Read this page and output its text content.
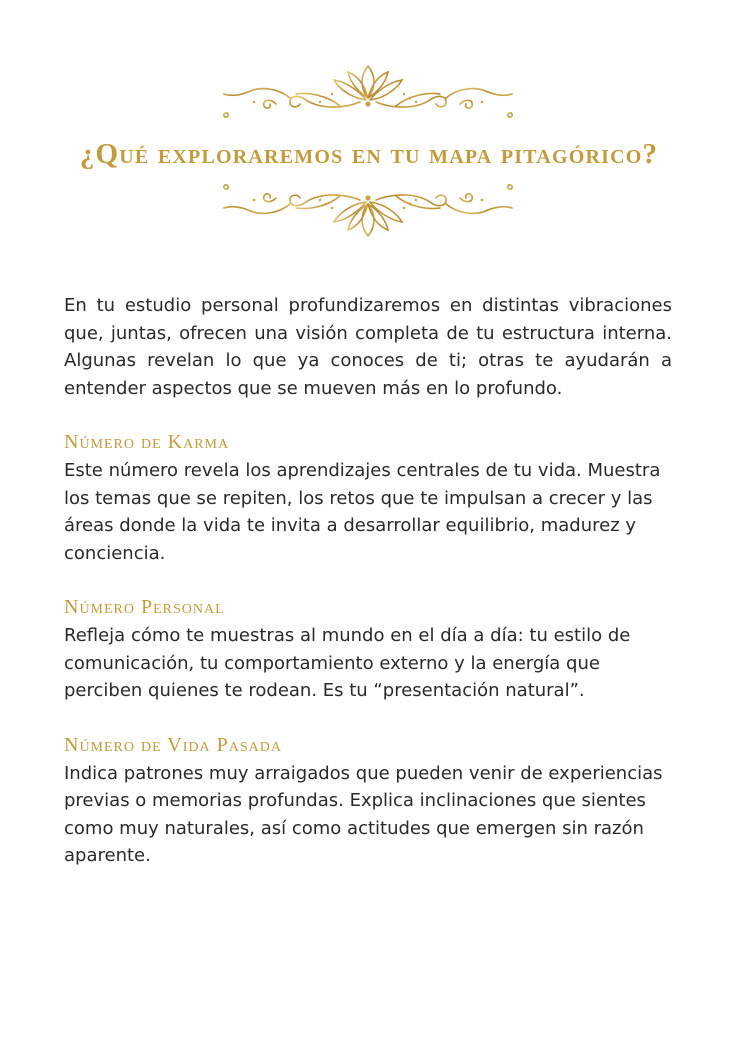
¿Qué exploraremos en tu mapa pitagórico?

En tu estudio personal profundizaremos en distintas vibraciones que, juntas, ofrecen una visión completa de tu estructura interna. Algunas revelan lo que ya conoces de ti; otras te ayudarán a entender aspectos que se mueven más en lo profundo.

Número de Karma

Este número revela los aprendizajes centrales de tu vida. Muestra los temas que se repiten, los retos que te impulsan a crecer y las áreas donde la vida te invita a desarrollar equilibrio, madurez y conciencia.

Número Personal

Refleja cómo te muestras al mundo en el día a día: tu estilo de comunicación, tu comportamiento externo y la energía que perciben quienes te rodean. Es tu “presentación natural”.

Número de Vida Pasada

Indica patrones muy arraigados que pueden venir de experiencias previas o memorias profundas. Explica inclinaciones que sientes como muy naturales, así como actitudes que emergen sin razón aparente.
